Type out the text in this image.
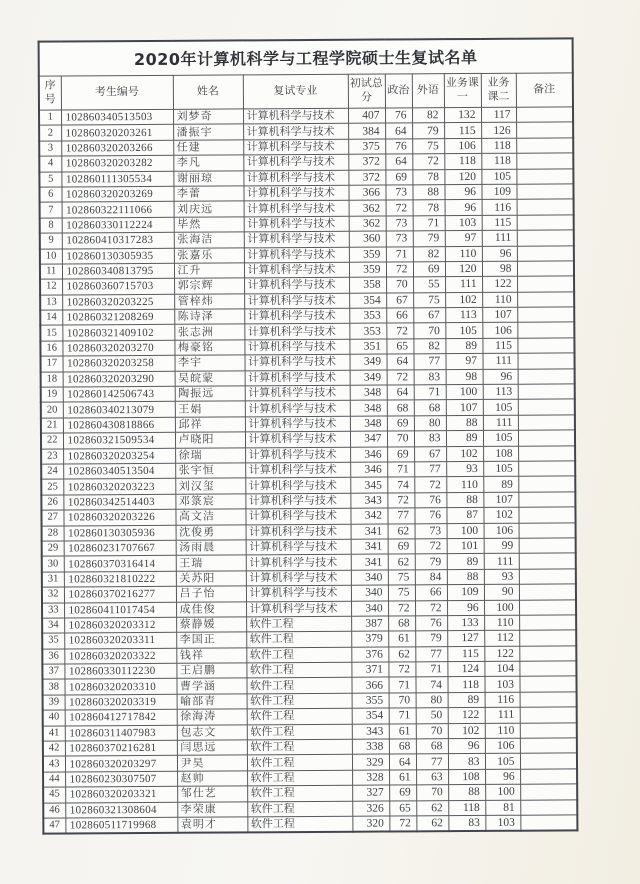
2020年计算机科学与工程学院硕士生复试名单									
序号	考生编号	姓名	复试专业	初试总分	政治	外语	业务课一	业务课二	备注
1	102860340513503	刘梦奇	计算机科学与技术	407	76	82	132	117	
2	102860320203261	潘振宇	计算机科学与技术	384	64	79	115	126	
3	102860320203266	任建	计算机科学与技术	375	76	75	106	118	
4	102860320203282	李凡	计算机科学与技术	372	64	72	118	118	
5	102860111305534	谢丽琼	计算机科学与技术	372	69	78	120	105	
6	102860320203269	李蕾	计算机科学与技术	366	73	88	96	109	
7	102860322111066	刘庆远	计算机科学与技术	362	72	78	96	116	
8	102860330112224	毕然	计算机科学与技术	362	73	71	103	115	
9	102860410317283	张海洁	计算机科学与技术	360	73	79	97	111	
10	102860130305935	张嘉乐	计算机科学与技术	359	71	82	110	96	
11	102860340813795	江升	计算机科学与技术	359	72	69	120	98	
12	102860360715703	郭宗辉	计算机科学与技术	358	70	55	111	122	
13	102860320203225	管梓炜	计算机科学与技术	354	67	75	102	110	
14	102860321208269	陈诗泽	计算机科学与技术	353	66	67	113	107	
15	102860321409102	张志洲	计算机科学与技术	353	72	70	105	106	
16	102860320203270	梅豪铭	计算机科学与技术	351	65	82	89	115	
17	102860320203258	李宇	计算机科学与技术	349	64	77	97	111	
18	102860320203290	吴皖蒙	计算机科学与技术	349	72	83	98	96	
19	102860142506743	陶振远	计算机科学与技术	348	64	71	100	113	
20	102860340213079	王娟	计算机科学与技术	348	68	68	107	105	
21	102860430818866	邱祥	计算机科学与技术	348	69	80	88	111	
22	102860321509534	卢晓阳	计算机科学与技术	347	70	83	89	105	
23	102860320203254	徐瑞	计算机科学与技术	346	69	67	102	108	
24	102860340513504	张宇恒	计算机科学与技术	346	71	77	93	105	
25	102860320203223	刘汉玺	计算机科学与技术	345	74	72	110	89	
26	102860342514403	邓箓宸	计算机科学与技术	343	72	76	88	107	
27	102860320203226	高文洁	计算机科学与技术	342	77	76	87	102	
28	102860130305936	沈俊勇	计算机科学与技术	341	62	73	100	106	
29	102860231707667	汤雨晨	计算机科学与技术	341	69	72	101	99	
30	102860370316414	王瑞	计算机科学与技术	341	62	79	89	111	
31	102860321810222	关苏阳	计算机科学与技术	340	75	84	88	93	
32	102860370216277	吕子怡	计算机科学与技术	340	75	66	109	90	
33	102860411017454	成佳俊	计算机科学与技术	340	72	72	96	100	
34	102860320203312	蔡静媛	软件工程	387	68	76	133	110	
35	102860320203311	李国正	软件工程	379	61	79	127	112	
36	102860320203322	钱祥	软件工程	376	62	77	115	122	
37	102860330112230	王启鹏	软件工程	371	72	71	124	104	
38	102860320203310	曹学涵	软件工程	366	71	74	118	103	
39	102860320203319	喻部青	软件工程	355	70	80	89	116	
40	102860412717842	徐海涛	软件工程	354	71	50	122	111	
41	102860311407983	包志文	软件工程	343	61	70	102	110	
42	102860370216281	闫思远	软件工程	338	68	68	96	106	
43	102860320203297	尹昊	软件工程	329	64	77	83	105	
44	102860230307507	赵帅	软件工程	328	61	63	108	96	
45	102860320203321	邹仕艺	软件工程	327	69	70	88	100	
46	102860321308604	李荣康	软件工程	326	65	62	118	81	
47	102860511719968	袁明才	软件工程	320	72	62	83	103	
